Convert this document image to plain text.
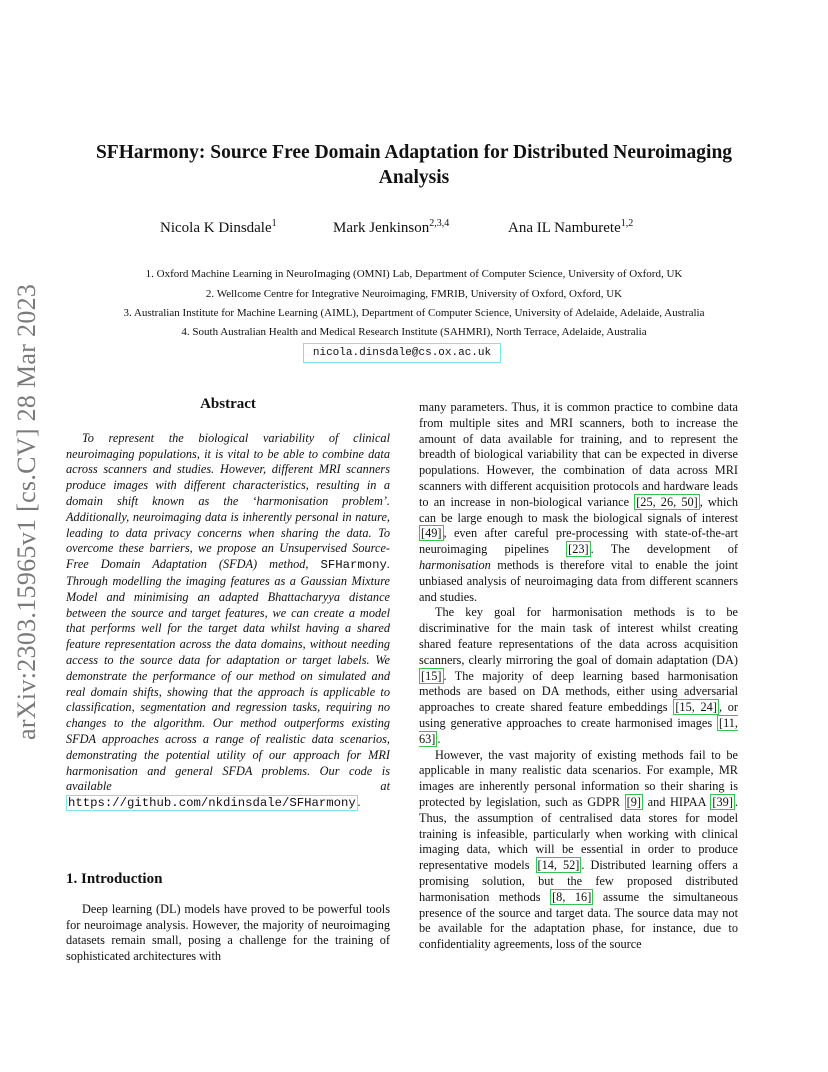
arXiv:2303.15965v1 [cs.CV] 28 Mar 2023
SFHarmony: Source Free Domain Adaptation for Distributed Neuroimaging Analysis
Nicola K Dinsdale$^1$	Mark Jenkinson$^{2,3,4}$	Ana IL Namburete$^{1,2}$
1. Oxford Machine Learning in NeuroImaging (OMNI) Lab, Department of Computer Science, University of Oxford, UK
2. Wellcome Centre for Integrative Neuroimaging, FMRIB, University of Oxford, Oxford, UK
3. Australian Institute for Machine Learning (AIML), Department of Computer Science, University of Adelaide, Adelaide, Australia
4. South Australian Health and Medical Research Institute (SAHMRI), North Terrace, Adelaide, Australia
nicola.dinsdale@cs.ox.ac.uk
Abstract

To represent the biological variability of clinical neuroimaging populations, it is vital to be able to combine data across scanners and studies. However, different MRI scanners produce images with different characteristics, resulting in a domain shift known as the ‘harmonisation problem’. Additionally, neuroimaging data is inherently personal in nature, leading to data privacy concerns when sharing the data. To overcome these barriers, we propose an Unsupervised Source-Free Domain Adaptation (SFDA) method, SFHarmony. Through modelling the imaging features as a Gaussian Mixture Model and minimising an adapted Bhattacharyya distance between the source and target features, we can create a model that performs well for the target data whilst having a shared feature representation across the data domains, without needing access to the source data for adaptation or target labels. We demonstrate the performance of our method on simulated and real domain shifts, showing that the approach is applicable to classification, segmentation and regression tasks, requiring no changes to the algorithm. Our method outperforms existing SFDA approaches across a range of realistic data scenarios, demonstrating the potential utility of our approach for MRI harmonisation and general SFDA problems. Our code is available at https://github.com/nkdinsdale/SFHarmony .

1. Introduction

Deep learning (DL) models have proved to be powerful tools for neuroimage analysis. However, the majority of neuroimaging datasets remain small, posing a challenge for the training of sophisticated architectures with

many parameters. Thus, it is common practice to combine data from multiple sites and MRI scanners, both to increase the amount of data available for training, and to represent the breadth of biological variability that can be expected in diverse populations. However, the combination of data across MRI scanners with different acquisition protocols and hardware leads to an increase in non-biological variance [25, 26, 50] , which can be large enough to mask the biological signals of interest [49] , even after careful pre-processing with state-of-the-art neuroimaging pipelines [23] . The development of harmonisation methods is therefore vital to enable the joint unbiased analysis of neuroimaging data from different scanners and studies.

The key goal for harmonisation methods is to be discriminative for the main task of interest whilst creating shared feature representations of the data across acquisition scanners, clearly mirroring the goal of domain adaptation (DA) [15] . The majority of deep learning based harmonisation methods are based on DA methods, either using adversarial approaches to create shared feature embeddings [15, 24] , or using generative approaches to create harmonised images [11, 63] .

However, the vast majority of existing methods fail to be applicable in many realistic data scenarios. For example, MR images are inherently personal information so their sharing is protected by legislation, such as GDPR [9] and HIPAA [39] . Thus, the assumption of centralised data stores for model training is infeasible, particularly when working with clinical imaging data, which will be essential in order to produce representative models [14, 52] . Distributed learning offers a promising solution, but the few proposed distributed harmonisation methods [8, 16] assume the simultaneous presence of the source and target data. The source data may not be available for the adaptation phase, for instance, due to confidentiality agreements, loss of the source
